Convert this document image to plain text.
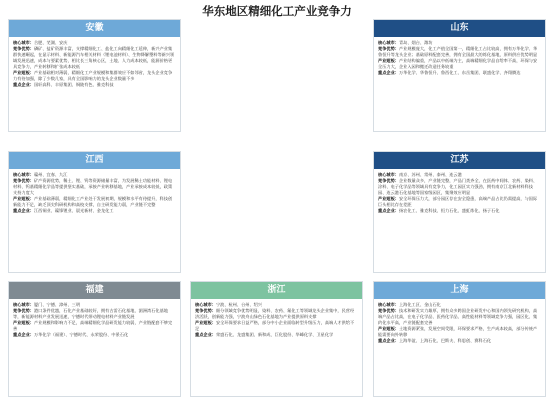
华东地区精细化工产业竞争力
安徽
核心城市：合肥、芜湖、安庆
竞争优势：磷矿、盐矿资源丰富，支撑精细化工、盐化工向精细化工延伸，新兴产业集群快速崛起，在显示材料、新能源汽车相关材料（锂电池材料）、生物降解塑料等新兴领域发展迅速，成本与要素优势，相比长三角核心区，土地、人力成本较低，能源价格更具竞争力，产业转移和扩张成本较低
产业短板：产业基础相对薄弱，精细化工产业规模和集群效应不如邻省，龙头企业竞争力有待加强，除了少数几家，具有全国影响力的龙头企业数量不多
重点企业：国轩高科、丰原集团、铜陵有色、雅克科技
山东
核心城市：青岛、烟台、潍坊
竞争优势：产业规模庞大，化工产值全国第一，精细化工占比较高，拥有万华化学、华鲁恒升等龙头企业；基础原料配套完善，拥有全国最大的炼化基地，原料供应优势明显
产业短板：产业结构偏重，产品以中低端为主，高端精细化学品自给率不高，环保与安全压力大，企业入园和搬迁改造任务较重
重点企业：万华化学、华鲁恒升、鲁西化工、东岳集团、联盛化学、齐翔腾达
江西
核心城市：赣州、宜春、九江
竞争优势：矿产资源优势，稀土、锂、钨等资源储量丰富，为发展稀土功能材料、锂电材料、钨基精细化学品等提供坚实基础，承接产业转移基地，产业承接成本较低，政策支持力度大
产业短板：产业基础薄弱，精细化工产业处于发展初期，规模和水平有待提升，科技创新能力不足，缺乏顶尖科研机构和高校支撑，自主研发能力弱，产业链不完整
重点企业：江西铜业、赣锋锂业、晨光新材、金龙化工
江苏
核心城市：南京、苏州、常州、泰州、连云港
竞争优势：企业数量众多，产业链完整，产品门类齐全，在医药中间体、农药、染料、涂料、电子化学品等领域具有竞争力，化工园区实力强劲，拥有南京江北新材料科技园、连云港石化基地等国家级园区，集聚效应明显
产业短板：安全环保压力大，部分园区存在安全隐患，高端产品占比仍需提高，与国际巨头相比存在差距
重点企业：扬农化工、雅克科技、恒力石化、盛虹炼化、扬子石化
福建
核心城市：厦门、宁德、漳州、三明
竞争优势：港口条件优越，石化产业基础较好，拥有古雷石化基地、湄洲湾石化基地等，新能源材料产业发展迅速，宁德时代带动锂电材料产业链发展
产业短板：产业规模和影响力不足，高端精细化学品研发能力较弱，产业链配套不够完善
重点企业：万华化学（福建）、宁德时代、永荣股份、中景石化
浙江
核心城市：宁波、杭州、台州、绍兴
竞争优势：细分领域竞争优势明显，染料、农药、氟化工等领域龙头企业集中，民营经济活跃，创新能力强，宁波舟山绿色石化基地为产业提供原料支撑
产业短板：安全环保要求日益严格，部分中小企业面临转型升级压力，高端人才供给不足
重点企业：荣盛石化、龙盛集团、新和成、巨化股份、华峰化学、卫星化学
上海
核心城市：上海化工区、金山石化
竞争优势：技术和研发实力雄厚，拥有众多跨国企业研发中心和国内领先研究机构，高端产品占比高，在电子化学品、医药化学品、高性能材料等领域竞争力强，园区化、集约化水平高，产业链配套完善
产业短板：土地资源紧张，发展空间受限，环保要求严格，生产成本较高，部分传统产能需要向外转移
重点企业：上海华谊、上海石化、巴斯夫、科思创、赛科石化
